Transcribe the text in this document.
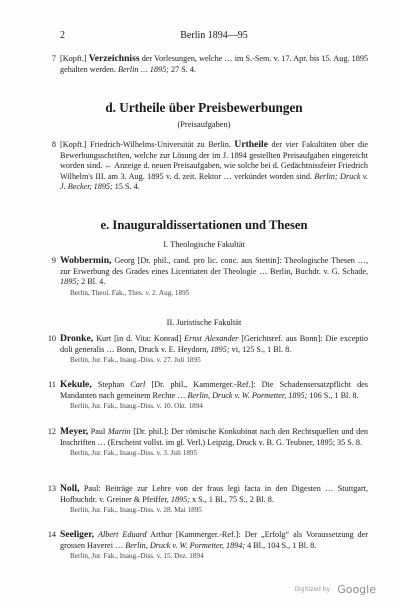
2	Berlin 1894—95
7 [Kopft.] Verzeichniss der Vorlesungen, welche … im S.-Sem. v. 17. Apr. bis 15. Aug. 1895 gehalten werden. Berlin … 1895; 27 S. 4.
d. Urtheile über Preisbewerbungen
(Preisaufgaben)
8 [Kopft.] Friedrich-Wilhelms-Universität zu Berlin. Urtheile der vier Fakultäten über die Bewerbungsschriften, welche zur Lösung der im J. 1894 gestellten Preisaufgaben eingereicht worden sind. ← Anzeige d. neuen Preisaufgaben, wie solche bei d. Gedächtnissfeier Friedrich Wilhelm's III. am 3. Aug. 1895 v. d. zeit. Rektor … verkündet worden sind. Berlin; Druck v. J. Becker, 1895; 15 S. 4.
e. Inauguraldissertationen und Thesen
I. Theologische Fakultät
9 Wobbermin, Georg [Dr. phil., cand. pro lic. conc. aus Stettin]: Theologische Thesen …, zur Erwerbung des Grades eines Licentiaten der Theologie … Berlin, Buchdr. v. G. Schade, 1895; 2 Bl. 4.
Berlin, Theol. Fak., Thes. v. 2. Aug. 1895
II. Juristische Fakultät
10 Dronke, Kurt [in d. Vita: Konrad] Ernst Alexander [Gerichtsref. aus Bonn]: Die exceptio doli generalis … Bonn, Druck v. E. Heydorn, 1895; vi, 125 S., 1 Bl. 8.
Berlin, Jur. Fak., Inaug.-Diss. v. 27. Juli 1895
11 Kekule, Stephan Carl [Dr. phil., Kammerger.-Ref.]: Die Schadensersatzpflicht des Mandanten nach gemeinem Rechte … Berlin, Druck v. W. Pormetter, 1895; 106 S., 1 Bl. 8.
Berlin, Jur. Fak., Inaug.-Diss. v. 10. Okt. 1894
12 Meyer, Paul Martin [Dr. phil.]: Der römische Konkubinat nach den Rechtsquellen und den Inschriften … (Erscheint vollst. im gl. Verl.) Leipzig, Druck v. B. G. Teubner, 1895; 35 S. 8.
Berlin, Jur. Fak., Inaug.-Diss. v. 3. Juli 1895
13 Noll, Paul: Beiträge zur Lehre von der fraus legi facta in den Digesten … Stuttgart, Hofbuchdr. v. Greiner & Pfeiffer, 1895; x S., 1 Bl., 75 S., 2 Bl. 8.
Berlin, Jur. Fak., Inaug.-Diss. v. 28. Mai 1895
14 Seeliger, Albert Eduard Arthur [Kammerger.-Ref.]: Der „Erfolg“ als Voraussetzung der grossen Haverei … Berlin, Druck v. W. Pormetter, 1894; 4 Bl., 104 S., 1 Bl. 8.
Berlin, Jur. Fak., Inaug.-Diss. v. 15. Dez. 1894
Digitized by Google
